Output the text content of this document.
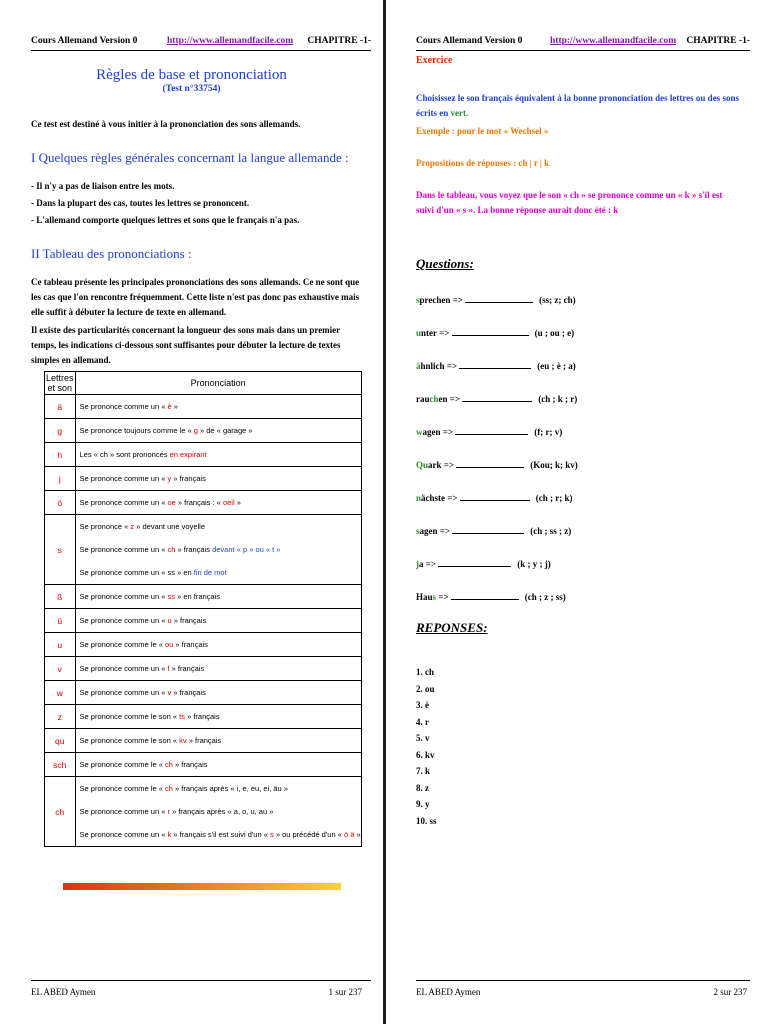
Cours Allemand Version 0	http://www.allemandfacile.com CHAPITRE -1-
Règles de base et prononciation
(Test n°33754)
Ce test est destiné à vous initier à la prononciation des sons allemands.
I Quelques règles générales concernant la langue allemande :
- Il n'y a pas de liaison entre les mots.
- Dans la plupart des cas, toutes les lettres se prononcent.
- L'allemand comporte quelques lettres et sons que le français n'a pas.
II Tableau des prononciations :
Ce tableau présente les principales prononciations des sons allemands. Ce ne sont que les cas que l'on rencontre fréquemment. Cette liste n'est pas donc pas exhaustive mais elle suffit à débuter la lecture de texte en allemand.
Il existe des particularités concernant la longueur des sons mais dans un premier temps, les indications ci-dessous sont suffisantes pour débuter la lecture de textes simples en allemand.
Lettres et son	Prononciation
ä	Se prononce comme un « è »

g	Se prononce toujours comme le « g » de « garage »

h	Les « ch » sont prononcés en expirant

j	Se prononce comme un « y » français

ö	Se prononce comme un « oe » français : « oeil »

s	Se prononce « z » devant une voyelle
Se prononce comme un « ch » français devant « p » ou « t »
Se prononce comme un « ss » en fin de mot

ß	Se prononce comme un « ss » en français

ü	Se prononce comme un « u » français

u	Se prononce comme le « ou » français

v	Se prononce comme un « f » français

w	Se prononce comme un « v » français

z	Se prononce comme le son « ts » français

qu	Se prononce comme le son « kv » français

sch	Se prononce comme le « ch » français

ch	Se prononce comme le « ch » français après « i, e, eu, ei, äu »
Se prononce comme un « r » français après « a, o, u, au »
Se prononce comme un « k » français s'il est suivi d'un « s » ou précédé d'un « ö ä »
EL ABED Aymen	1 sur 237
Cours Allemand Version 0	http://www.allemandfacile.com CHAPITRE -1-
Exercice
Choisissez le son français équivalent à la bonne prononciation des lettres ou des sons écrits en vert.
Exemple : pour le mot « Wechsel »
Propositions de réponses : ch | r | k
Dans le tableau, vous voyez que le son « ch » se prononce comme un « k » s'il est suivi d'un « s ». La bonne réponse aurait donc été : k
Questions:
sprechen =>	(ss; z; ch)
unter =>	(u ; ou ; e)
ähnlich =>	(eu ; è ; a)
rauchen =>	(ch ; k ; r)
wagen =>	(f; r; v)
Quark =>	(Kou; k; kv)
nächste =>	(ch ; r; k)
sagen =>	(ch ; ss ; z)
ja =>	(k ; y ; j)
Haus =>	(ch ; z ; ss)
REPONSES:
1. ch
2. ou
3. è
4. r
5. v
6. kv
7. k
8. z
9. y
10. ss
EL ABED Aymen	2 sur 237
